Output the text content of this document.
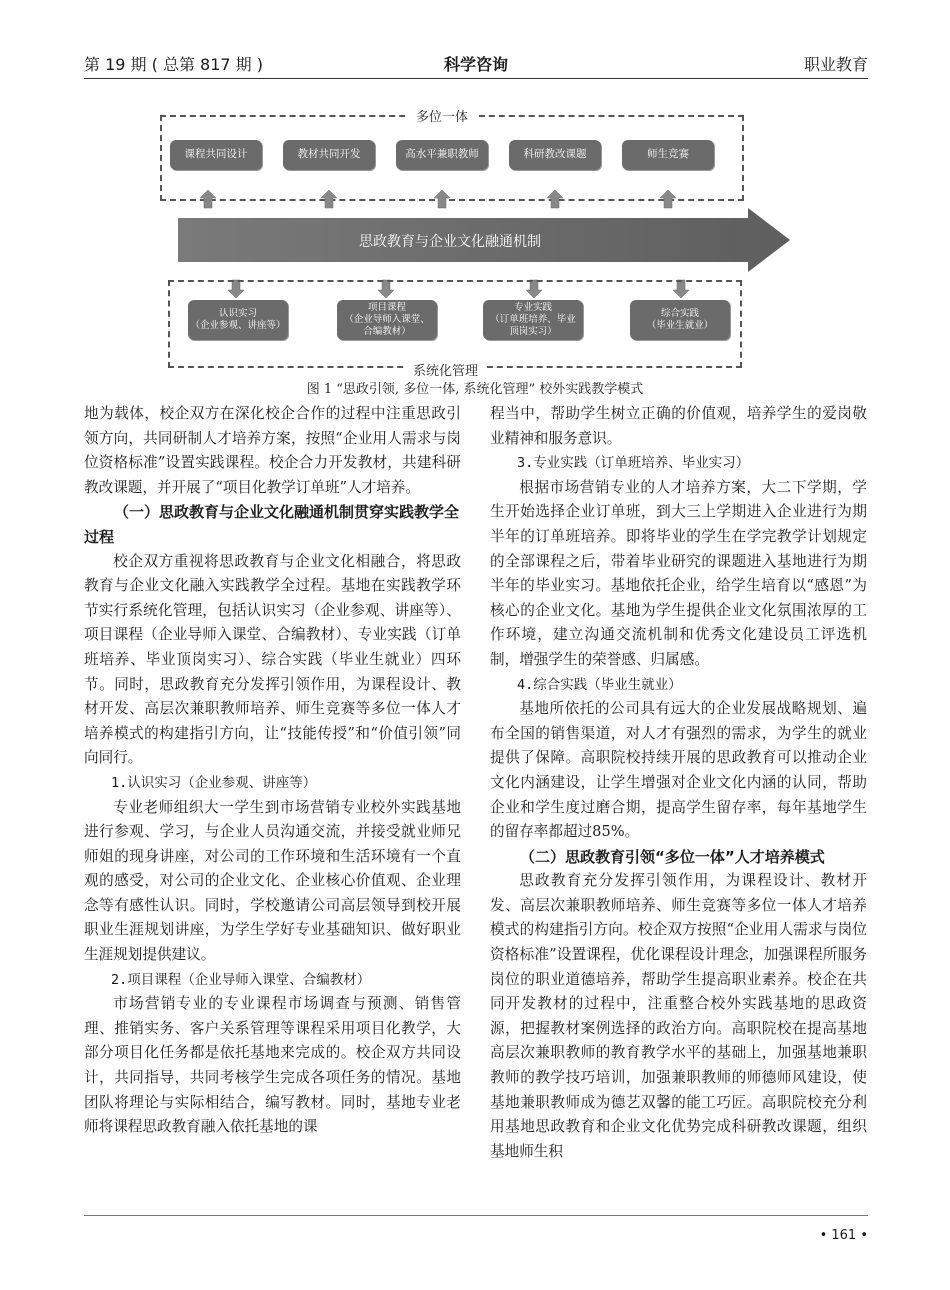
第 19 期 ( 总第 817 期 )	科学咨询	职业教育
多位一体
课程共同设计	教材共同开发	高水平兼职教师	科研教改课题	师生竞赛
思政教育与企业文化融通机制
认识实习
（企业参观、讲座等）
项目课程
（企业导师入课堂、
合编教材）
专业实践
（订单班培养、毕业
顶岗实习）
综合实践
（毕业生就业）
系统化管理
图 1 “思政引领, 多位一体, 系统化管理” 校外实践教学模式

地为载体，校企双方在深化校企合作的过程中注重思政引领方向，共同研制人才培养方案，按照“企业用人需求与岗位资格标准”设置实践课程。校企合力开发教材，共建科研教改课题，并开展了“项目化教学订单班”人才培养。

（一）思政教育与企业文化融通机制贯穿实践教学全过程

校企双方重视将思政教育与企业文化相融合，将思政教育与企业文化融入实践教学全过程。基地在实践教学环节实行系统化管理，包括认识实习（企业参观、讲座等）、项目课程（企业导师入课堂、合编教材）、专业实践（订单班培养、毕业顶岗实习）、综合实践（毕业生就业）四环节。同时，思政教育充分发挥引领作用，为课程设计、教材开发、高层次兼职教师培养、师生竞赛等多位一体人才培养模式的构建指引方向，让“技能传授”和“价值引领”同向同行。

1.认识实习（企业参观、讲座等）

专业老师组织大一学生到市场营销专业校外实践基地进行参观、学习，与企业人员沟通交流，并接受就业师兄师姐的现身讲座，对公司的工作环境和生活环境有一个直观的感受，对公司的企业文化、企业核心价值观、企业理念等有感性认识。同时，学校邀请公司高层领导到校开展职业生涯规划讲座，为学生学好专业基础知识、做好职业生涯规划提供建议。

2.项目课程（企业导师入课堂、合编教材）

市场营销专业的专业课程市场调查与预测、销售管理、推销实务、客户关系管理等课程采用项目化教学，大部分项目化任务都是依托基地来完成的。校企双方共同设计，共同指导，共同考核学生完成各项任务的情况。基地团队将理论与实际相结合，编写教材。同时，基地专业老师将课程思政教育融入依托基地的课

程当中，帮助学生树立正确的价值观，培养学生的爱岗敬业精神和服务意识。

3.专业实践（订单班培养、毕业实习）

根据市场营销专业的人才培养方案，大二下学期，学生开始选择企业订单班，到大三上学期进入企业进行为期半年的订单班培养。即将毕业的学生在学完教学计划规定的全部课程之后，带着毕业研究的课题进入基地进行为期半年的毕业实习。基地依托企业，给学生培育以“感恩”为核心的企业文化。基地为学生提供企业文化氛围浓厚的工作环境，建立沟通交流机制和优秀文化建设员工评选机制，增强学生的荣誉感、归属感。

4.综合实践（毕业生就业）

基地所依托的公司具有远大的企业发展战略规划、遍布全国的销售渠道，对人才有强烈的需求，为学生的就业提供了保障。高职院校持续开展的思政教育可以推动企业文化内涵建设，让学生增强对企业文化内涵的认同，帮助企业和学生度过磨合期，提高学生留存率，每年基地学生的留存率都超过85%。

（二）思政教育引领“多位一体”人才培养模式

思政教育充分发挥引领作用，为课程设计、教材开发、高层次兼职教师培养、师生竞赛等多位一体人才培养模式的构建指引方向。校企双方按照“企业用人需求与岗位资格标准”设置课程，优化课程设计理念，加强课程所服务岗位的职业道德培养，帮助学生提高职业素养。校企在共同开发教材的过程中，注重整合校外实践基地的思政资源，把握教材案例选择的政治方向。高职院校在提高基地高层次兼职教师的教育教学水平的基础上，加强基地兼职教师的教学技巧培训，加强兼职教师的师德师风建设，使基地兼职教师成为德艺双馨的能工巧匠。高职院校充分利用基地思政教育和企业文化优势完成科研教改课题，组织基地师生积

• 161 •
